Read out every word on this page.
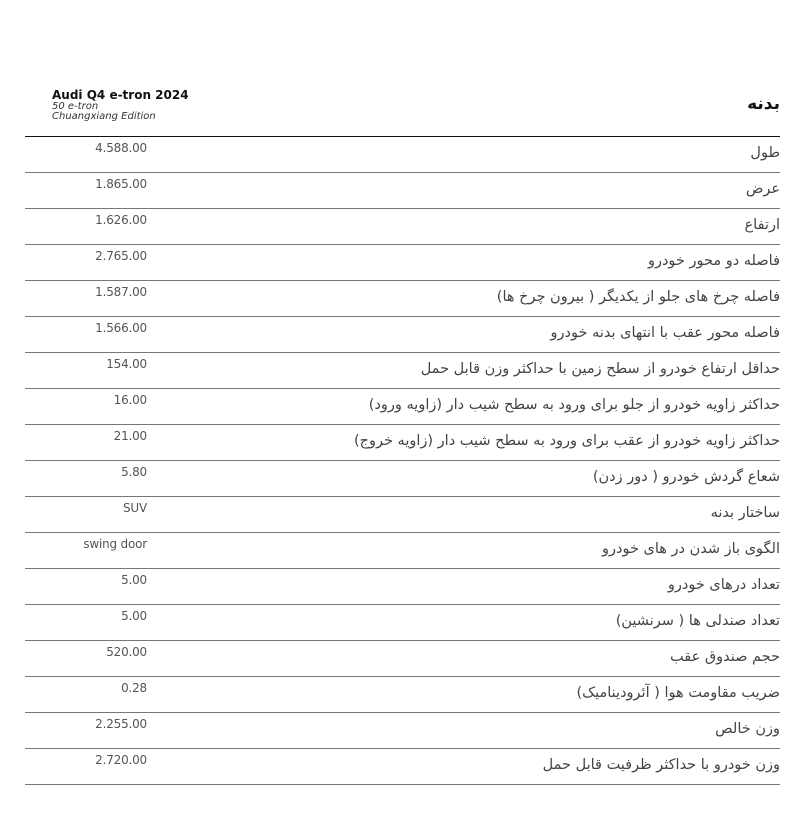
Audi Q4 e-tron 2024
50 e-tron
Chuangxiang Edition
بدنه
4.588.00	طول
1.865.00	عرض
1.626.00	ارتفاع
2.765.00	فاصله دو محور خودرو
1.587.00	فاصله چرخ های جلو از یکدیگر ( بیرون چرخ ها)
1.566.00	فاصله محور عقب با انتهای بدنه خودرو
154.00	حداقل ارتفاع خودرو از سطح زمین با حداکثر وزن قابل حمل
16.00	حداکثر زاویه خودرو از جلو برای ورود به سطح شیب دار (زاویه ورود)
21.00	حداکثر زاویه خودرو از عقب برای ورود به سطح شیب دار (زاویه خروج)
5.80	شعاع گردش خودرو ( دور زدن)
SUV	ساختار بدنه
swing door	الگوی باز شدن در های خودرو
5.00	تعداد درهای خودرو
5.00	تعداد صندلی ها ( سرنشین)
520.00	حجم صندوق عقب
0.28	ضریب مقاومت هوا ( آئرودینامیک)
2.255.00	وزن خالص
2.720.00	وزن خودرو با حداکثر ظرفیت قابل حمل
